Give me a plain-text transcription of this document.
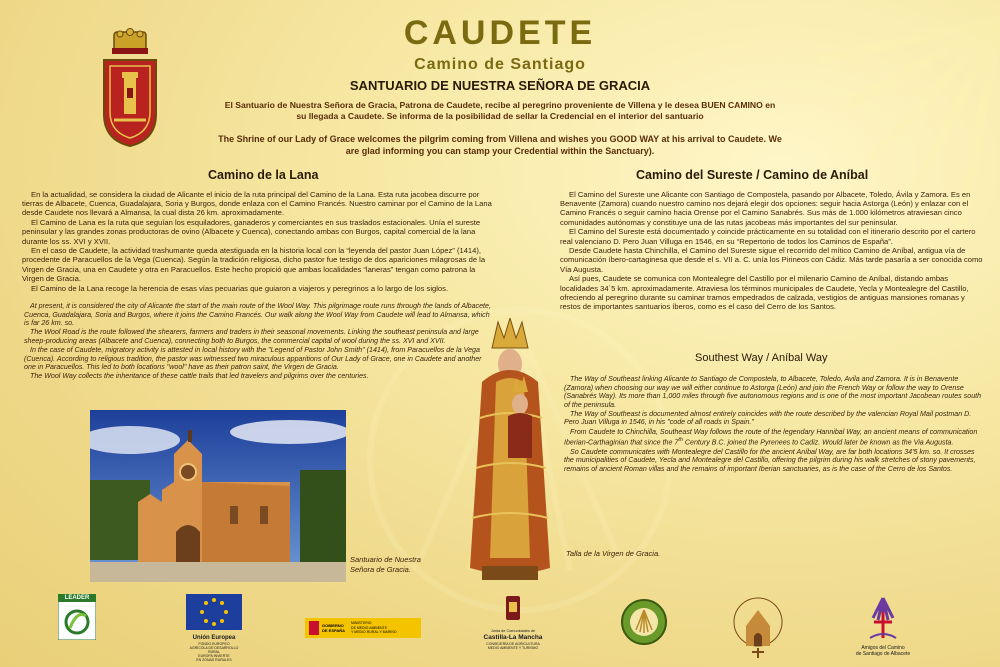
CAUDETE
Camino de Santiago
SANTUARIO DE NUESTRA SEÑORA DE GRACIA
El Santuario de Nuestra Señora de Gracia, Patrona de Caudete, recibe al peregrino proveniente de Villena y le desea BUEN CAMINO en su llegada a Caudete. Se informa de la posibilidad de sellar la Credencial en el interior del santuario
The Shrine of our Lady of Grace welcomes the pilgrim coming from Villena and wishes you GOOD WAY at his arrival to Caudete. We are glad informing you can stamp your Credential within the Sanctuary).
Camino de la Lana

En la actualidad, se considera la ciudad de Alicante el inicio de la ruta principal del Camino de la Lana. Esta ruta jacobea discurre por tierras de Albacete, Cuenca, Guadalajara, Soria y Burgos, donde enlaza con el Camino Francés. Nuestro caminar por el Camino de la Lana desde Caudete nos llevará a Almansa, la cual dista 26 km. aproximadamente.

El Camino de Lana es la ruta que seguían los esquiladores, ganaderos y comerciantes en sus traslados estacionales. Unía el sureste peninsular y las grandes zonas productoras de ovino (Albacete y Cuenca), conectando ambas con Burgos, capital comercial de la lana durante los ss. XVI y XVII.

En el caso de Caudete, la actividad trashumante queda atestiguada en la historia local con la “leyenda del pastor Juan López” (1414), procedente de Paracuellos de la Vega (Cuenca). Según la tradición religiosa, dicho pastor fue testigo de dos apariciones milagrosas de la Virgen de Gracia, una en Caudete y otra en Paracuellos. Este hecho propició que ambas localidades “laneras” tengan como patrona la Virgen de Gracia.

El Camino de la Lana recoge la herencia de esas vías pecuarias que guiaron a viajeros y peregrinos a lo largo de los siglos.

At present, it is considered the city of Alicante the start of the main route of the Wool Way. This pilgrimage route runs through the lands of Albacete, Cuenca, Guadalajara, Soria and Burgos, where it joins the Camino Francés. Our walk along the Wool Way from Caudete will lead to Almansa, which is far 26 km. so.

The Wool Road is the route followed the shearers, farmers and traders in their seasonal movements. Linking the southeast peninsula and large sheep-producing areas (Albacete and Cuenca), connecting both to Burgos, the commercial capital of wool during the ss. XVI and XVII.

In the case of Caudete, migratory activity is attested in local history with the "Legend of Pastor John Smith" (1414), from Paracuellos de la Vega (Cuenca). According to religious tradition, the pastor was witnessed two miraculous apparitions of Our Lady of Grace, one in Caudete and another one in Paracuellos. This led to both locations "wool" have as their patron saint, the Virgen de Gracia.

The Wool Way collects the inheritance of these cattle trails that led travelers and pilgrims over the centuries.

Camino del Sureste / Camino de Aníbal

El Camino del Sureste une Alicante con Santiago de Compostela, pasando por Albacete, Toledo, Ávila y Zamora. Es en Benavente (Zamora) cuando nuestro camino nos dejará elegir dos opciones: seguir hacia Astorga (León) y enlazar con el Camino Francés o seguir camino hacia Orense por el Camino Sanabrés. Sus más de 1.000 kilómetros atraviesan cinco comunidades autónomas y constituye una de las rutas jacobeas más importantes del sur peninsular.

El Camino del Sureste está documentado y coincide prácticamente en su totalidad con el itinerario descrito por el cartero real valenciano D. Pero Juan Villuga en 1546, en su “Repertorio de todos los Caminos de España”.

Desde Caudete hasta Chinchilla, el Camino del Sureste sigue el recorrido del mítico Camino de Aníbal, antigua vía de comunicación íbero-cartaginesa que desde el s. VII a. C. unía los Pirineos con Cádiz. Más tarde pasaría a ser conocida como Vía Augusta.

Así pues, Caudete se comunica con Montealegre del Castillo por el milenario Camino de Aníbal, distando ambas localidades 34´5 km. aproximadamente. Atraviesa los términos municipales de Caudete, Yecla y Montealegre del Castillo, ofreciendo al peregrino durante su caminar tramos empedrados de calzada, vestigios de antiguas mansiones romanas y restos de importantes santuarios íberos, como es el caso del Cerro de los Santos.

Southest Way / Aníbal Way

The Way of Southeast linking Alicante to Santiago de Compostela, to Albacete, Toledo, Avila and Zamora. It is in Benavente (Zamora) when choosing our way we will either continue to Astorga (León) and join the French Way or follow the way to Orense (Sanabrés Way). Its more than 1,000 miles through five autonomous regions and is one of the most important Jacobean routes south of the peninsula.

The Way of Southeast is documented almost entirely coincides with the route described by the valencian Royal Mail postman D. Pero Juan Villuga in 1546, in his "code of all roads in Spain."

From Caudete to Chinchilla, Southeast Way follows the route of the legendary Hannibal Way, an ancient means of communication Iberian-Carthaginian that since the 7th Century B.C. joined the Pyrenees to Cadiz. Would later be known as the Via Augusta.

So Caudete communicates with Montealegre del Castillo for the ancient Aníbal Way, are far both locations 34'5 km. so. It crosses the municipalities of Caudete, Yecla and Montealegre del Castillo, offering the pilgrim during his walk stretches of stony pavements, remains of ancient Roman villas and the remains of important Iberian sanctuaries, as is the case of the Cerro de los Santos.

Santuario de Nuestra
Señora de Gracia.
Talla de la Virgen de Gracia.
LEADER
Unión Europea
FONDO EUROPEO
AGRÍCOLA DE DESARROLLO RURAL
EUROPA INVIERTE
EN ZONAS RURALES
GOBIERNO
DE ESPAÑA
MINISTERIO
DE MEDIO AMBIENTE
Y MEDIO RURAL Y MARINO	Junta de Comunidades de
Castilla-La Mancha
CONSEJERÍA DE AGRICULTURA
MEDIO AMBIENTE Y TURISMO	Amigos del Camino
de Santiago de Albacete
